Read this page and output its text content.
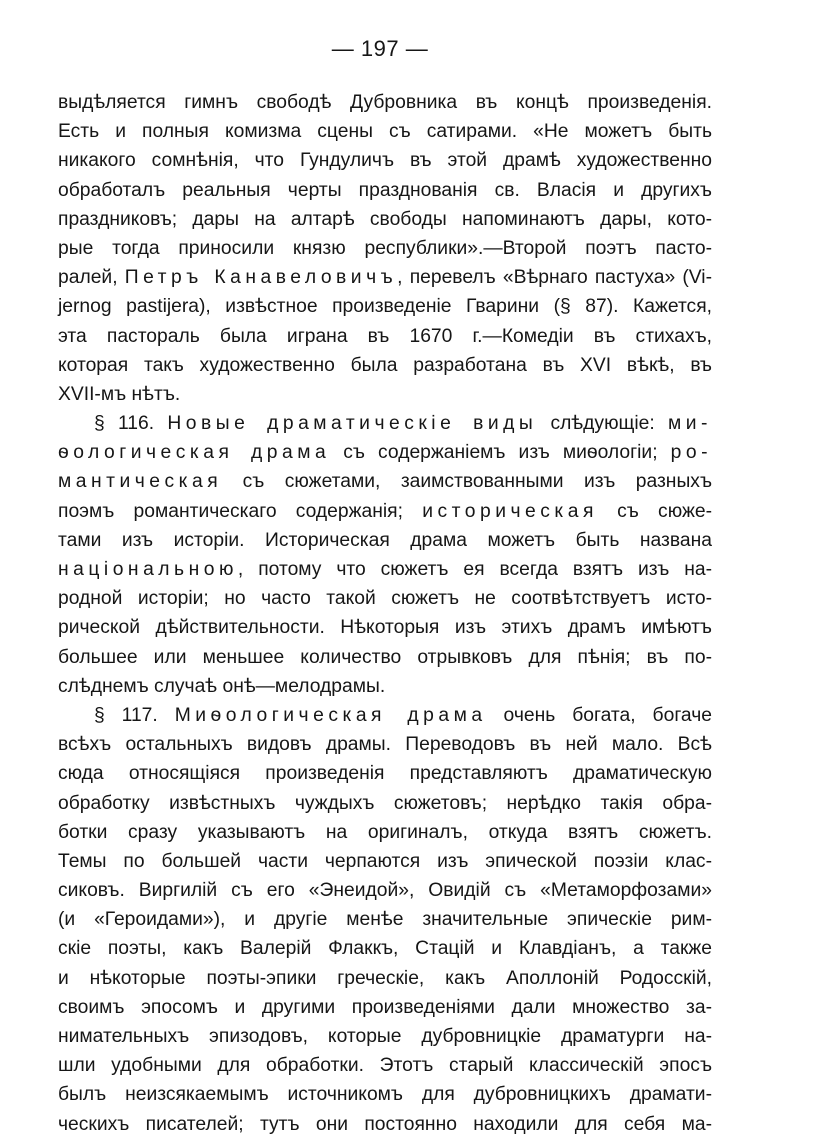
— 197 —
выдѣляется гимнъ свободѣ Дубровника въ концѣ произведенія.
Есть и полныя комизма сцены съ сатирами. «Не можетъ быть
никакого сомнѣнія, что Гундуличъ въ этой драмѣ художественно
обработалъ реальныя черты празднованія св. Власія и другихъ
праздниковъ; дары на алтарѣ свободы напоминаютъ дары, кото-
рые тогда приносили князю республики».—Второй поэтъ пасто-
ралей, Петръ Канавеловичъ, перевелъ «Вѣрнаго пастуха» (Vi-
jernog pastijera), извѣстное произведеніе Гварини (§ 87). Кажется,
эта пастораль была играна въ 1670 г.—Комедіи въ стихахъ,
которая такъ художественно была разработана въ XVI вѣкѣ, въ
XVII-мъ нѣтъ.
§ 116. Новые драматическіе виды слѣдующіе: ми-
ѳологическая драма съ содержаніемъ изъ миѳологіи; ро-
мантическая съ сюжетами, заимствованными изъ разныхъ
поэмъ романтическаго содержанія; историческая съ сюже-
тами изъ исторіи. Историческая драма можетъ быть названа
національною, потому что сюжетъ ея всегда взятъ изъ на-
родной исторіи; но часто такой сюжетъ не соотвѣтствуетъ исто-
рической дѣйствительности. Нѣкоторыя изъ этихъ драмъ имѣютъ
большее или меньшее количество отрывковъ для пѣнія; въ по-
слѣднемъ случаѣ онѣ—мелодрамы.
§ 117. Миѳологическая драма очень богата, богаче
всѣхъ остальныхъ видовъ драмы. Переводовъ въ ней мало. Всѣ
сюда относящіяся произведенія представляютъ драматическую
обработку извѣстныхъ чуждыхъ сюжетовъ; нерѣдко такія обра-
ботки сразу указываютъ на оригиналъ, откуда взятъ сюжетъ.
Темы по большей части черпаются изъ эпической поэзіи клас-
сиковъ. Виргилій съ его «Энеидой», Овидій съ «Метаморфозами»
(и «Героидами»), и другіе менѣе значительные эпическіе рим-
скіе поэты, какъ Валерій Флаккъ, Стацій и Клавдіанъ, а также
и нѣкоторые поэты-эпики греческіе, какъ Аполлоній Родосскій,
своимъ эпосомъ и другими произведеніями дали множество за-
нимательныхъ эпизодовъ, которые дубровницкіе драматурги на-
шли удобными для обработки. Этотъ старый классическій эпосъ
былъ неизсякаемымъ источникомъ для дубровницкихъ драмати-
ческихъ писателей; тутъ они постоянно находили для себя ма-
